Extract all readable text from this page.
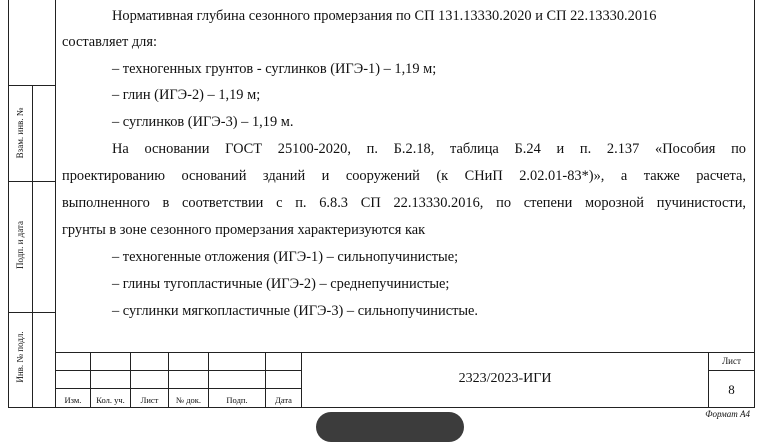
Взам. инв. №
Подп. и дата
Инв. № подл.
Нормативная глубина сезонного промерзания по СП 131.13330.2020 и СП 22.13330.2016
составляет для:
– техногенных грунтов - суглинков (ИГЭ-1) – 1,19 м;
– глин (ИГЭ-2) – 1,19 м;
– суглинков (ИГЭ-3) – 1,19 м.
На основании ГОСТ 25100-2020, п. Б.2.18, таблица Б.24 и п. 2.137 «Пособия по
проектированию оснований зданий и сооружений (к СНиП 2.02.01-83*)», а также расчета,
выполненного в соответствии с п. 6.8.3 СП 22.13330.2016, по степени морозной пучинистости,
грунты в зоне сезонного промерзания характеризуются как
– техногенные отложения (ИГЭ-1) – сильнопучинистые;
– глины тугопластичные (ИГЭ-2) – среднепучинистые;
– суглинки мягкопластичные (ИГЭ-3) – сильнопучинистые.
Изм.	Кол. уч.	Лист	№ док.	Подп.	Дата
2323/2023-ИГИ
Лист
8
Формат А4
